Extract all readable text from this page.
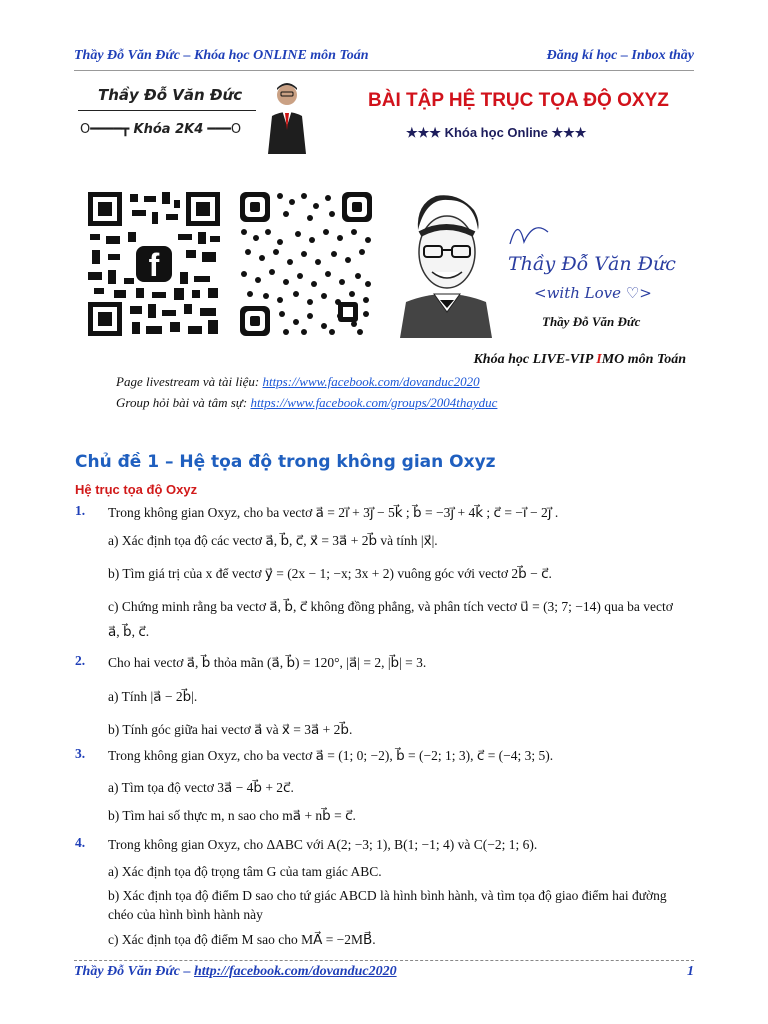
Thầy Đỗ Văn Đức – Khóa học ONLINE môn Toán	Đăng kí học – Inbox thầy
Thầy Đỗ Văn Đức
O━━━━┳ Khóa 2K4 ━━━O
BÀI TẬP HỆ TRỤC TỌA ĐỘ OXYZ
★★★ Khóa học Online ★★★
f	Thầy Đỗ Văn Đức
<with Love ♡>
Thầy Đỗ Văn Đức
Khóa học LIVE-VIP IMO môn Toán
Page livestream và tài liệu: https://www.facebook.com/dovanduc2020
Group hỏi bài và tâm sự: https://www.facebook.com/groups/2004thayduc
Chủ đề 1 – Hệ tọa độ trong không gian Oxyz
Hệ trục tọa độ Oxyz
1. Trong không gian Oxyz, cho ba vectơ a⃗ = 2i⃗ + 3j⃗ − 5k⃗ ; b⃗ = −3j⃗ + 4k⃗ ; c⃗ = −i⃗ − 2j⃗ .
a) Xác định tọa độ các vectơ a⃗, b⃗, c⃗, x⃗ = 3a⃗ + 2b⃗ và tính |x⃗|.
b) Tìm giá trị của x để vectơ y⃗ = (2x − 1; −x; 3x + 2) vuông góc với vectơ 2b⃗ − c⃗.
c) Chứng minh rằng ba vectơ a⃗, b⃗, c⃗ không đồng phẳng, và phân tích vectơ u⃗ = (3; 7; −14) qua ba vectơ
a⃗, b⃗, c⃗.
2. Cho hai vectơ a⃗, b⃗ thỏa mãn (a⃗, b⃗) = 120°, |a⃗| = 2, |b⃗| = 3.
a) Tính |a⃗ − 2b⃗|.
b) Tính góc giữa hai vectơ a⃗ và x⃗ = 3a⃗ + 2b⃗.
3. Trong không gian Oxyz, cho ba vectơ a⃗ = (1; 0; −2), b⃗ = (−2; 1; 3), c⃗ = (−4; 3; 5).
a) Tìm tọa độ vectơ 3a⃗ − 4b⃗ + 2c⃗.
b) Tìm hai số thực m, n sao cho ma⃗ + nb⃗ = c⃗.
4. Trong không gian Oxyz, cho ΔABC với A(2; −3; 1), B(1; −1; 4) và C(−2; 1; 6).
a) Xác định tọa độ trọng tâm G của tam giác ABC.
b) Xác định tọa độ điểm D sao cho tứ giác ABCD là hình bình hành, và tìm tọa độ giao điểm hai đường
chéo của hình bình hành này
c) Xác định tọa độ điểm M sao cho MA⃗ = −2MB⃗.
Thầy Đỗ Văn Đức – http://facebook.com/dovanduc2020	1
